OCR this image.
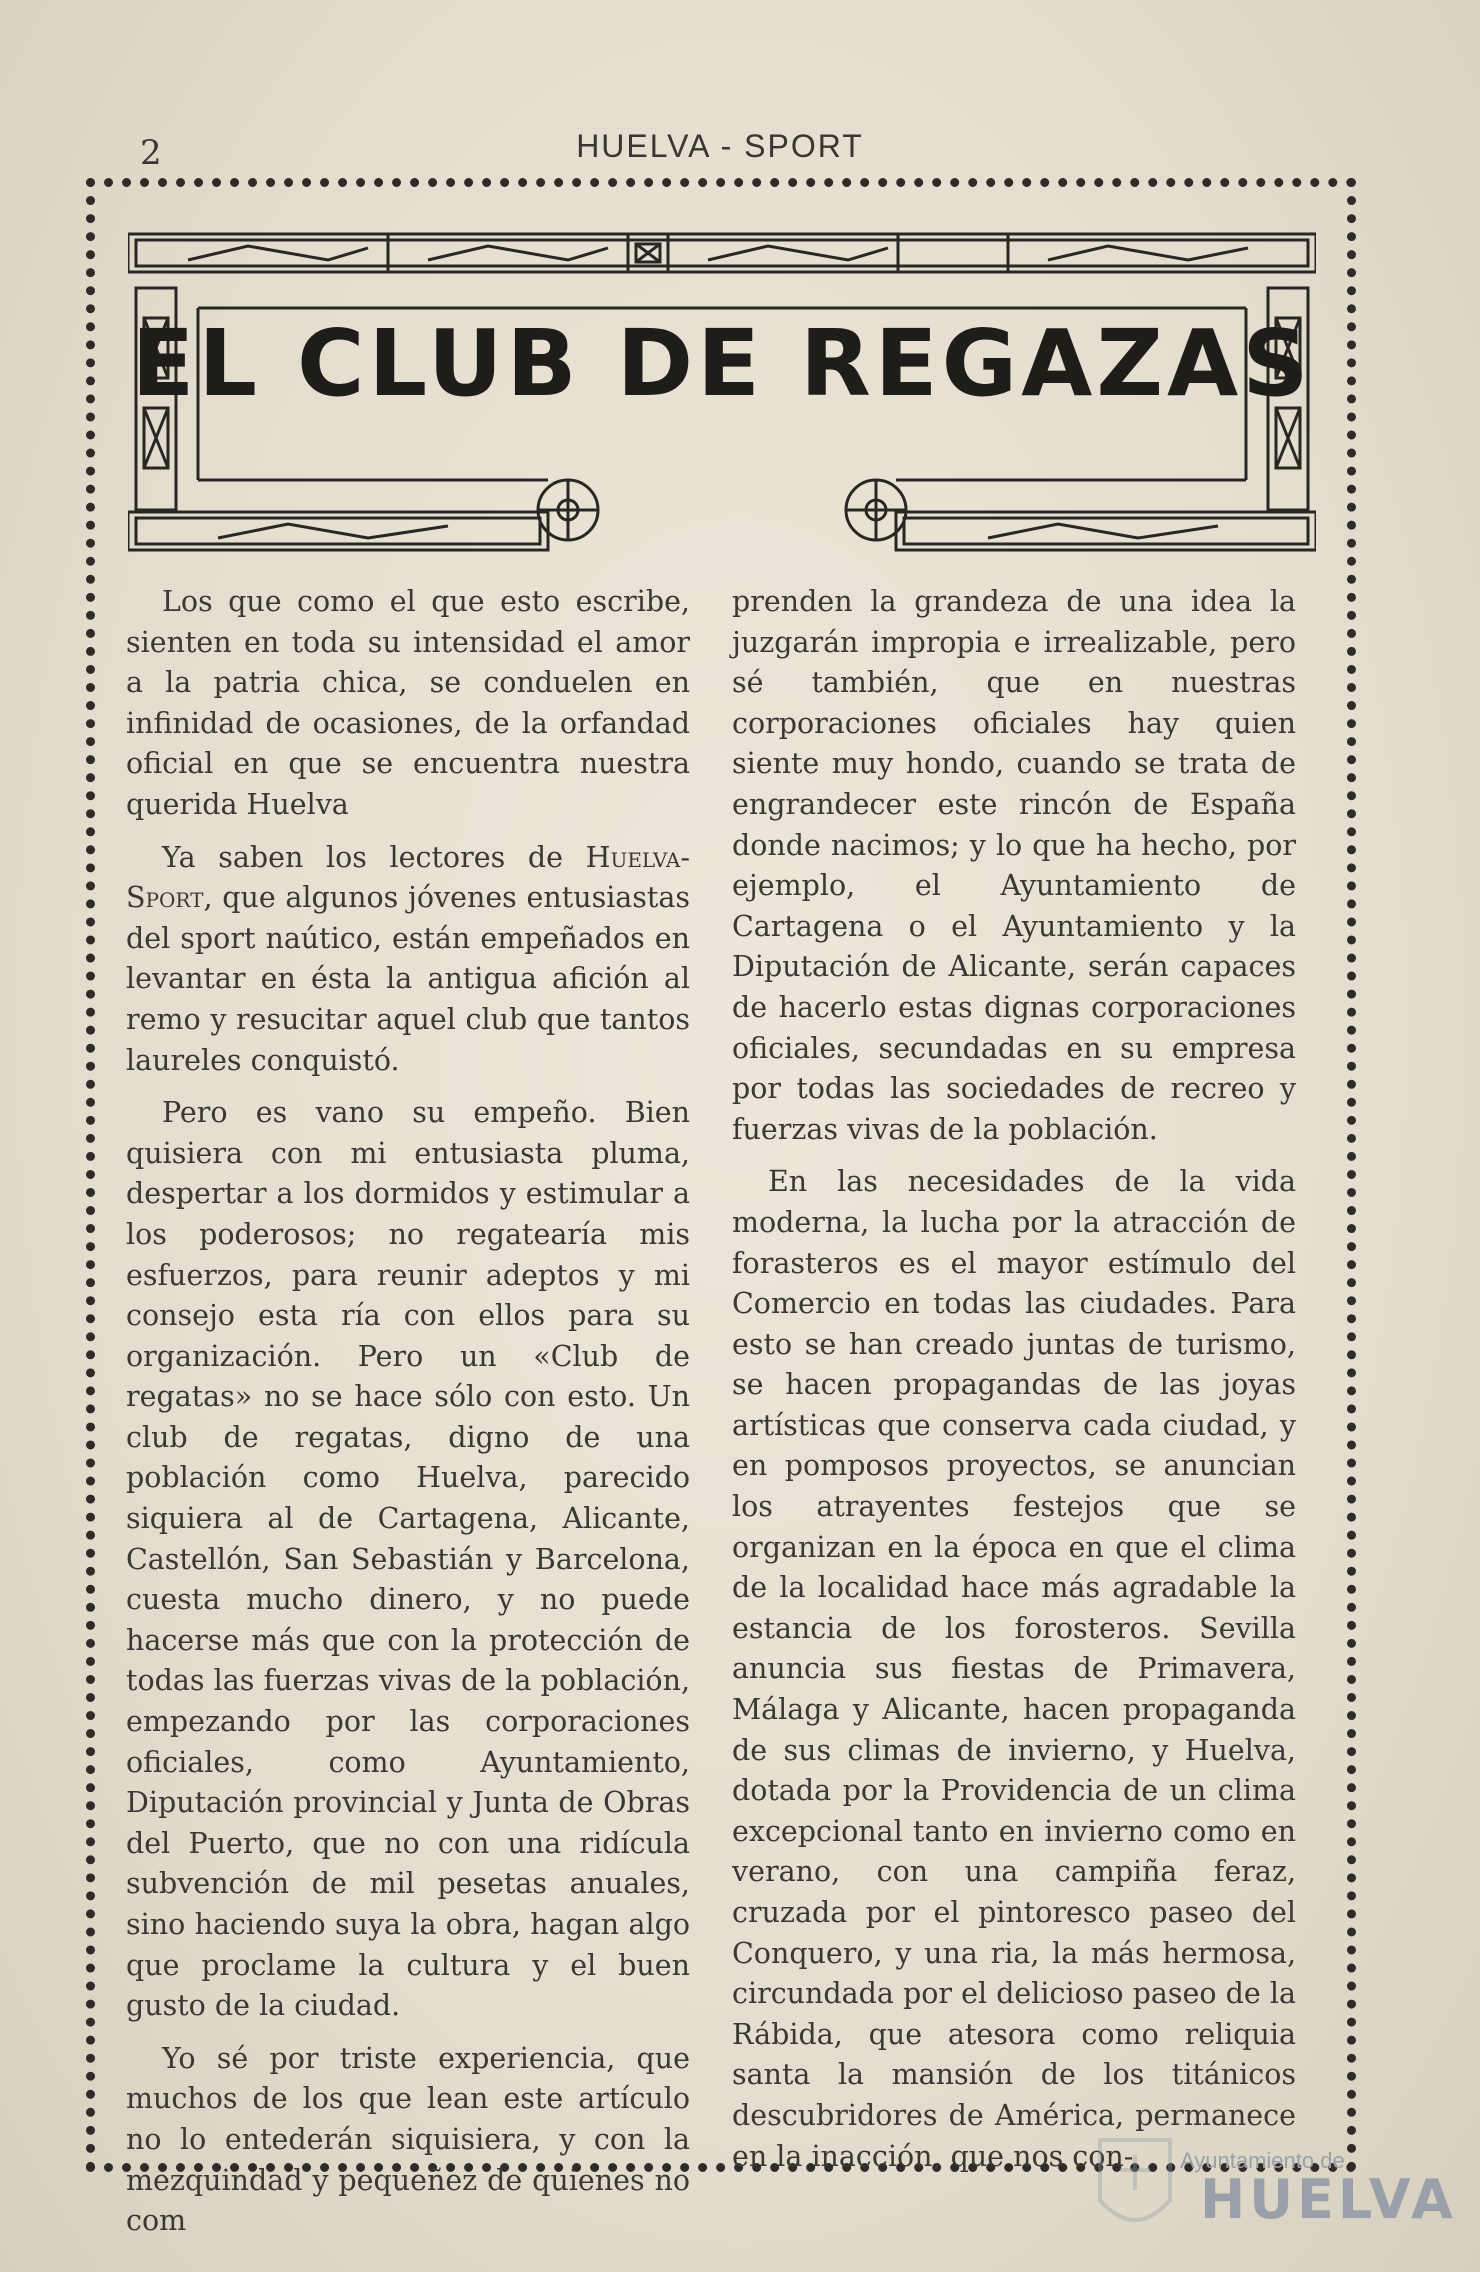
2	HUELVA - SPORT
EL CLUB DE REGAZAS

Los que como el que esto escribe, sienten en toda su intensidad el amor a la patria chica, se conduelen en infinidad de ocasiones, de la orfandad oficial en que se encuentra nuestra querida Huelva

Ya saben los lectores de Huelva-Sport, que algunos jóvenes entusiastas del sport naútico, están empeñados en levantar en ésta la antigua afición al remo y resucitar aquel club que tantos laureles conquistó.

Pero es vano su empeño. Bien quisiera con mi entusiasta pluma, despertar a los dormidos y estimular a los poderosos; no regatearía mis esfuerzos, para reunir adeptos y mi consejo esta ría con ellos para su organización. Pero un «Club de regatas» no se hace sólo con esto. Un club de regatas, digno de una población como Huelva, parecido siquiera al de Cartagena, Alicante, Castellón, San Sebastián y Barcelona, cuesta mucho dinero, y no puede hacerse más que con la protección de todas las fuerzas vivas de la población, empezando por las corporaciones oficiales, como Ayuntamiento, Diputación provincial y Junta de Obras del Puerto, que no con una ridícula subvención de mil pesetas anuales, sino haciendo suya la obra, hagan algo que proclame la cultura y el buen gusto de la ciudad.

Yo sé por triste experiencia, que muchos de los que lean este artículo no lo entederán siquisiera, y con la mezquindad y pequeñez de quienes no com

prenden la grandeza de una idea la juzgarán impropia e irrealizable, pero sé también, que en nuestras corporaciones oficiales hay quien siente muy hondo, cuando se trata de engrandecer este rincón de España donde nacimos; y lo que ha hecho, por ejemplo, el Ayuntamiento de Cartagena o el Ayuntamiento y la Diputación de Alicante, serán capaces de hacerlo estas dignas corporaciones oficiales, secundadas en su empresa por todas las sociedades de recreo y fuerzas vivas de la población.

En las necesidades de la vida moderna, la lucha por la atracción de forasteros es el mayor estímulo del Comercio en todas las ciudades. Para esto se han creado juntas de turismo, se hacen propagandas de las joyas artísticas que conserva cada ciudad, y en pomposos proyectos, se anuncian los atrayentes festejos que se organizan en la época en que el clima de la localidad hace más agradable la estancia de los forosteros. Sevilla anuncia sus fiestas de Primavera, Málaga y Alicante, hacen propaganda de sus climas de invierno, y Huelva, dotada por la Providencia de un clima excepcional tanto en invierno como en verano, con una campiña feraz, cruzada por el pintoresco paseo del Conquero, y una ria, la más hermosa, circundada por el delicioso paseo de la Rábida, que atesora como reliquia santa la mansión de los titánicos descubridores de América, permanece en la inacción, que nos con-	Ayuntamiento de
HUELVA
